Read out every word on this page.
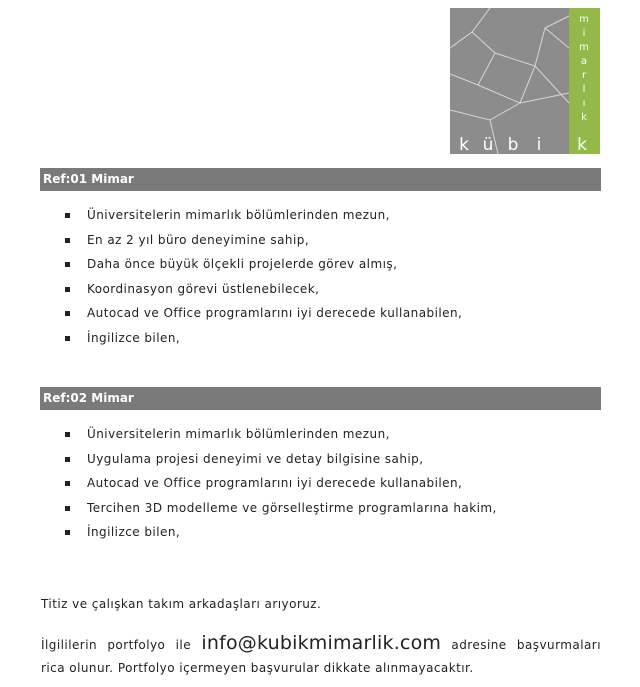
k ü b i k
m
i
m
a
r
l
ı
k
Ref:01 Mimar
Üniversitelerin mimarlık bölümlerinden mezun,
En az 2 yıl büro deneyimine sahip,
Daha önce büyük ölçekli projelerde görev almış,
Koordinasyon görevi üstlenebilecek,
Autocad ve Office programlarını iyi derecede kullanabilen,
İngilizce bilen,
Ref:02 Mimar
Üniversitelerin mimarlık bölümlerinden mezun,
Uygulama projesi deneyimi ve detay bilgisine sahip,
Autocad ve Office programlarını iyi derecede kullanabilen,
Tercihen 3D modelleme ve görselleştirme programlarına hakim,
İngilizce bilen,
Titiz ve çalışkan takım arkadaşları arıyoruz.
İlgililerin portfolyo ile info@kubikmimarlik.com adresine başvurmaları
rica olunur. Portfolyo içermeyen başvurular dikkate alınmayacaktır.
